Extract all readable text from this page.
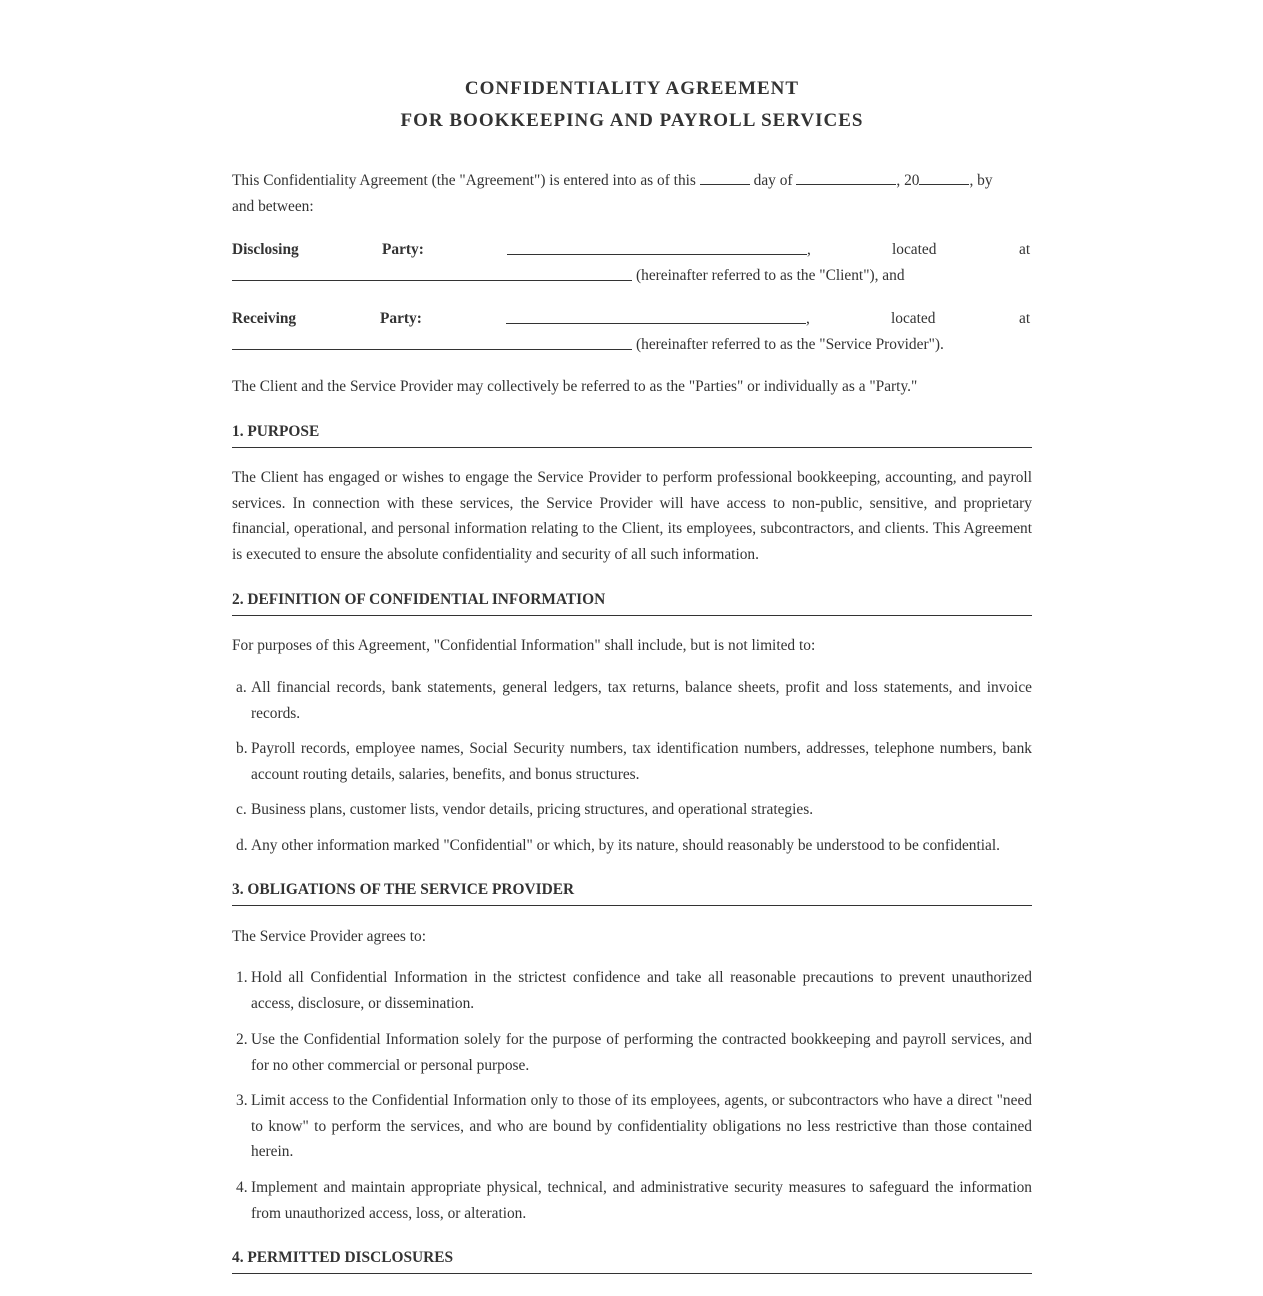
CONFIDENTIALITY AGREEMENT
FOR BOOKKEEPING AND PAYROLL SERVICES
This Confidentiality Agreement (the "Agreement") is entered into as of this	day of	, 20	, by
and between:
Disclosing	Party:	,	located	at
(hereinafter referred to as the "Client"), and
Receiving	Party:	,	located	at
(hereinafter referred to as the "Service Provider").
The Client and the Service Provider may collectively be referred to as the "Parties" or individually as a "Party."
1. PURPOSE
The Client has engaged or wishes to engage the Service Provider to perform professional bookkeeping, accounting, and payroll services. In connection with these services, the Service Provider will have access to non-public, sensitive, and proprietary financial, operational, and personal information relating to the Client, its employees, subcontractors, and clients. This Agreement is executed to ensure the absolute confidentiality and security of all such information.
2. DEFINITION OF CONFIDENTIAL INFORMATION
For purposes of this Agreement, "Confidential Information" shall include, but is not limited to:
a. All financial records, bank statements, general ledgers, tax returns, balance sheets, profit and loss statements, and invoice records.
b. Payroll records, employee names, Social Security numbers, tax identification numbers, addresses, telephone numbers, bank account routing details, salaries, benefits, and bonus structures.
c. Business plans, customer lists, vendor details, pricing structures, and operational strategies.
d. Any other information marked "Confidential" or which, by its nature, should reasonably be understood to be confidential.
3. OBLIGATIONS OF THE SERVICE PROVIDER
The Service Provider agrees to:
1. Hold all Confidential Information in the strictest confidence and take all reasonable precautions to prevent unauthorized access, disclosure, or dissemination.
2. Use the Confidential Information solely for the purpose of performing the contracted bookkeeping and payroll services, and for no other commercial or personal purpose.
3. Limit access to the Confidential Information only to those of its employees, agents, or subcontractors who have a direct "need to know" to perform the services, and who are bound by confidentiality obligations no less restrictive than those contained herein.
4. Implement and maintain appropriate physical, technical, and administrative security measures to safeguard the information from unauthorized access, loss, or alteration.
4. PERMITTED DISCLOSURES
